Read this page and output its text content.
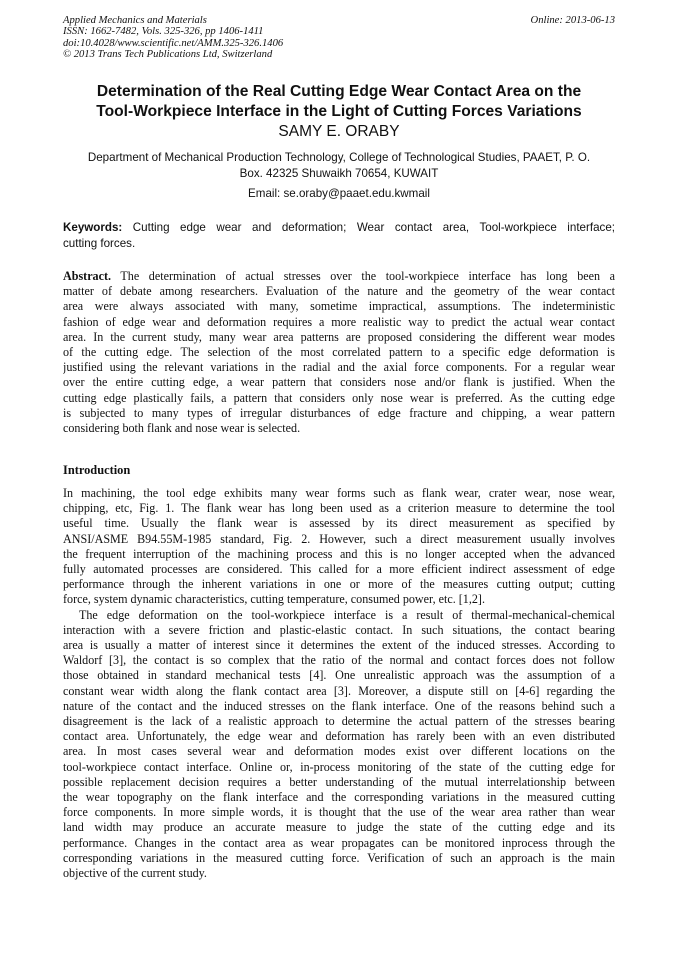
Applied Mechanics and Materials
ISSN: 1662-7482, Vols. 325-326, pp 1406-1411
doi:10.4028/www.scientific.net/AMM.325-326.1406
© 2013 Trans Tech Publications Ltd, Switzerland
Online: 2013-06-13
Determination of the Real Cutting Edge Wear Contact Area on the
Tool-Workpiece Interface in the Light of Cutting Forces Variations
SAMY E. ORABY
Department of Mechanical Production Technology, College of Technological Studies, PAAET, P. O.
Box. 42325 Shuwaikh 70654, KUWAIT
Email: se.oraby@paaet.edu.kwmail
Keywords: Cutting edge wear and deformation; Wear contact area, Tool-workpiece interface;
cutting forces.
Abstract. The determination of actual stresses over the tool-workpiece interface has long been a
matter of debate among researchers. Evaluation of the nature and the geometry of the wear contact
area were always associated with many, sometime impractical, assumptions. The indeterministic
fashion of edge wear and deformation requires a more realistic way to predict the actual wear contact
area. In the current study, many wear area patterns are proposed considering the different wear modes
of the cutting edge. The selection of the most correlated pattern to a specific edge deformation is
justified using the relevant variations in the radial and the axial force components. For a regular wear
over the entire cutting edge, a wear pattern that considers nose and/or flank is justified. When the
cutting edge plastically fails, a pattern that considers only nose wear is preferred. As the cutting edge
is subjected to many types of irregular disturbances of edge fracture and chipping, a wear pattern
considering both flank and nose wear is selected.
Introduction
In machining, the tool edge exhibits many wear forms such as flank wear, crater wear, nose wear,
chipping, etc, Fig. 1. The flank wear has long been used as a criterion measure to determine the tool
useful time. Usually the flank wear is assessed by its direct measurement as specified by
ANSI/ASME B94.55M-1985 standard, Fig. 2. However, such a direct measurement usually involves
the frequent interruption of the machining process and this is no longer accepted when the advanced
fully automated processes are considered. This called for a more efficient indirect assessment of edge
performance through the inherent variations in one or more of the measures cutting output; cutting
force, system dynamic characteristics, cutting temperature, consumed power, etc. [1,2].
The edge deformation on the tool-workpiece interface is a result of thermal-mechanical-chemical
interaction with a severe friction and plastic-elastic contact. In such situations, the contact bearing
area is usually a matter of interest since it determines the extent of the induced stresses. According to
Waldorf [3], the contact is so complex that the ratio of the normal and contact forces does not follow
those obtained in standard mechanical tests [4]. One unrealistic approach was the assumption of a
constant wear width along the flank contact area [3]. Moreover, a dispute still on [4-6] regarding the
nature of the contact and the induced stresses on the flank interface. One of the reasons behind such a
disagreement is the lack of a realistic approach to determine the actual pattern of the stresses bearing
contact area. Unfortunately, the edge wear and deformation has rarely been with an even distributed
area. In most cases several wear and deformation modes exist over different locations on the
tool-workpiece contact interface. Online or, in-process monitoring of the state of the cutting edge for
possible replacement decision requires a better understanding of the mutual interrelationship between
the wear topography on the flank interface and the corresponding variations in the measured cutting
force components. In more simple words, it is thought that the use of the wear area rather than wear
land width may produce an accurate measure to judge the state of the cutting edge and its
performance. Changes in the contact area as wear propagates can be monitored inprocess through the
corresponding variations in the measured cutting force. Verification of such an approach is the main
objective of the current study.
